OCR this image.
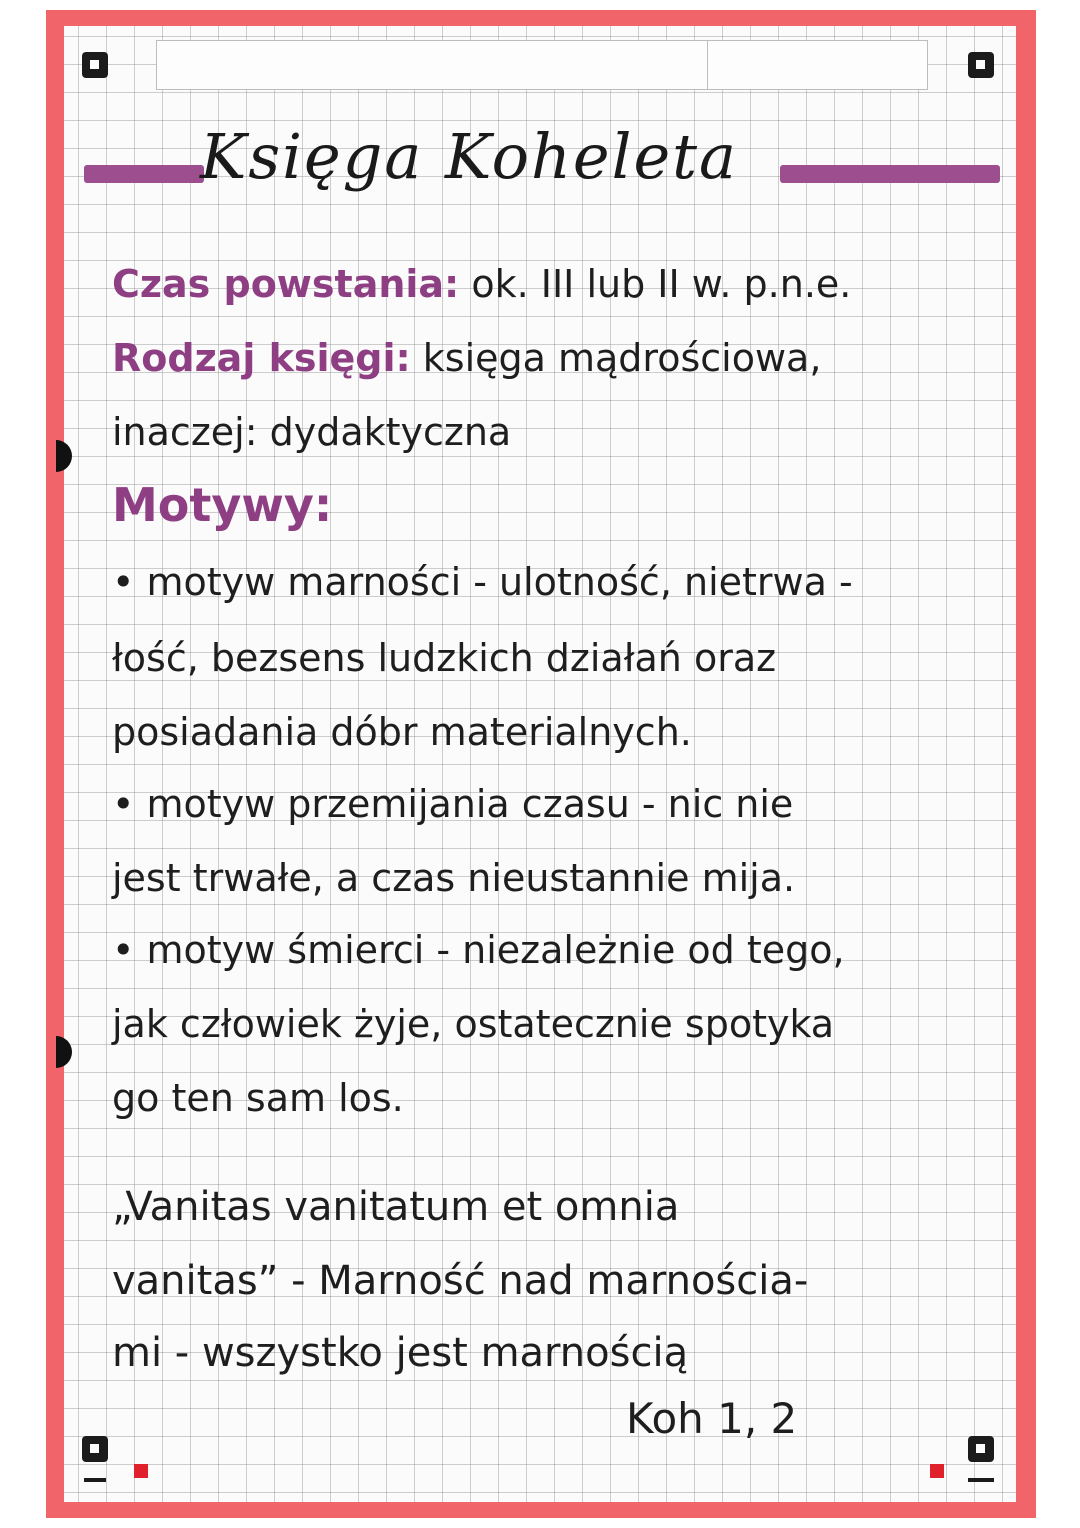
Księga Koheleta
Czas powstania: ok. III lub II w. p.n.e.
Rodzaj księgi: księga mądrościowa,
inaczej: dydaktyczna
Motywy:
• motyw marności - ulotność, nietrwa -
łość, bezsens ludzkich działań oraz
posiadania dóbr materialnych.
• motyw przemijania czasu - nic nie
jest trwałe, a czas nieustannie mija.
• motyw śmierci - niezależnie od tego,
jak człowiek żyje, ostatecznie spotyka
go ten sam los.
„Vanitas vanitatum et omnia
vanitas” - Marność nad marnościa-
mi - wszystko jest marnością
Koh 1, 2
